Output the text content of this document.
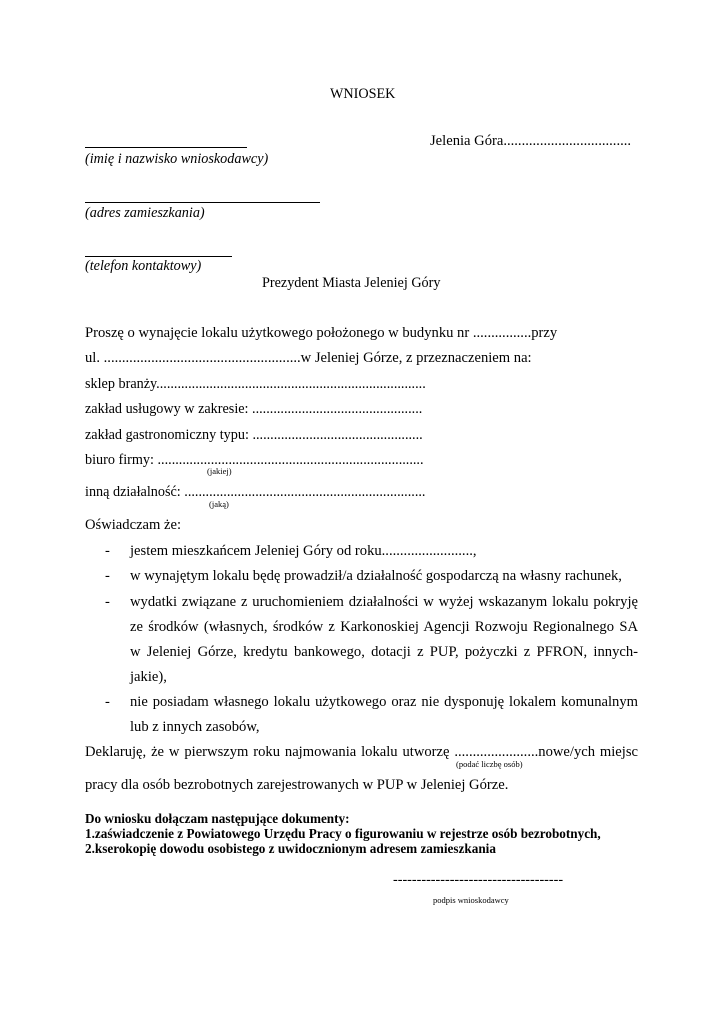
WNIOSEK
Jelenia Góra...................................
(imię i nazwisko wnioskodawcy)
(adres zamieszkania)
(telefon kontaktowy)
Prezydent Miasta Jeleniej Góry
Proszę o wynajęcie lokalu użytkowego położonego w budynku nr ................przy
ul. ......................................................w Jeleniej Górze, z przeznaczeniem na:
sklep branży............................................................................
zakład usługowy w zakresie: ................................................
zakład gastronomiczny typu: ................................................
biuro firmy: ...........................................................................
(jakiej)
inną działalność: ....................................................................
(jaką)
Oświadczam że:
-	jestem mieszkańcem Jeleniej Góry od roku.........................,
-	w wynajętym lokalu będę prowadził/a działalność gospodarczą na własny rachunek,
-	wydatki związane z uruchomieniem działalności w wyżej wskazanym lokalu pokryję
ze środków (własnych, środków z Karkonoskiej Agencji Rozwoju Regionalnego SA
w Jeleniej Górze, kredytu bankowego, dotacji z PUP, pożyczki z PFRON, innych-
jakie),
-	nie posiadam własnego lokalu użytkowego oraz nie dysponuję lokalem komunalnym
lub z innych zasobów,
Deklaruję, że w pierwszym roku najmowania lokalu utworzę .......................nowe/ych miejsc
(podać liczbę osób)
pracy dla osób bezrobotnych zarejestrowanych w PUP w Jeleniej Górze.
Do wniosku dołączam następujące dokumenty:
1.zaświadczenie z Powiatowego Urzędu Pracy o figurowaniu w rejestrze osób bezrobotnych,
2.kserokopię dowodu osobistego z uwidocznionym adresem zamieszkania
------------------------------------
podpis wnioskodawcy
